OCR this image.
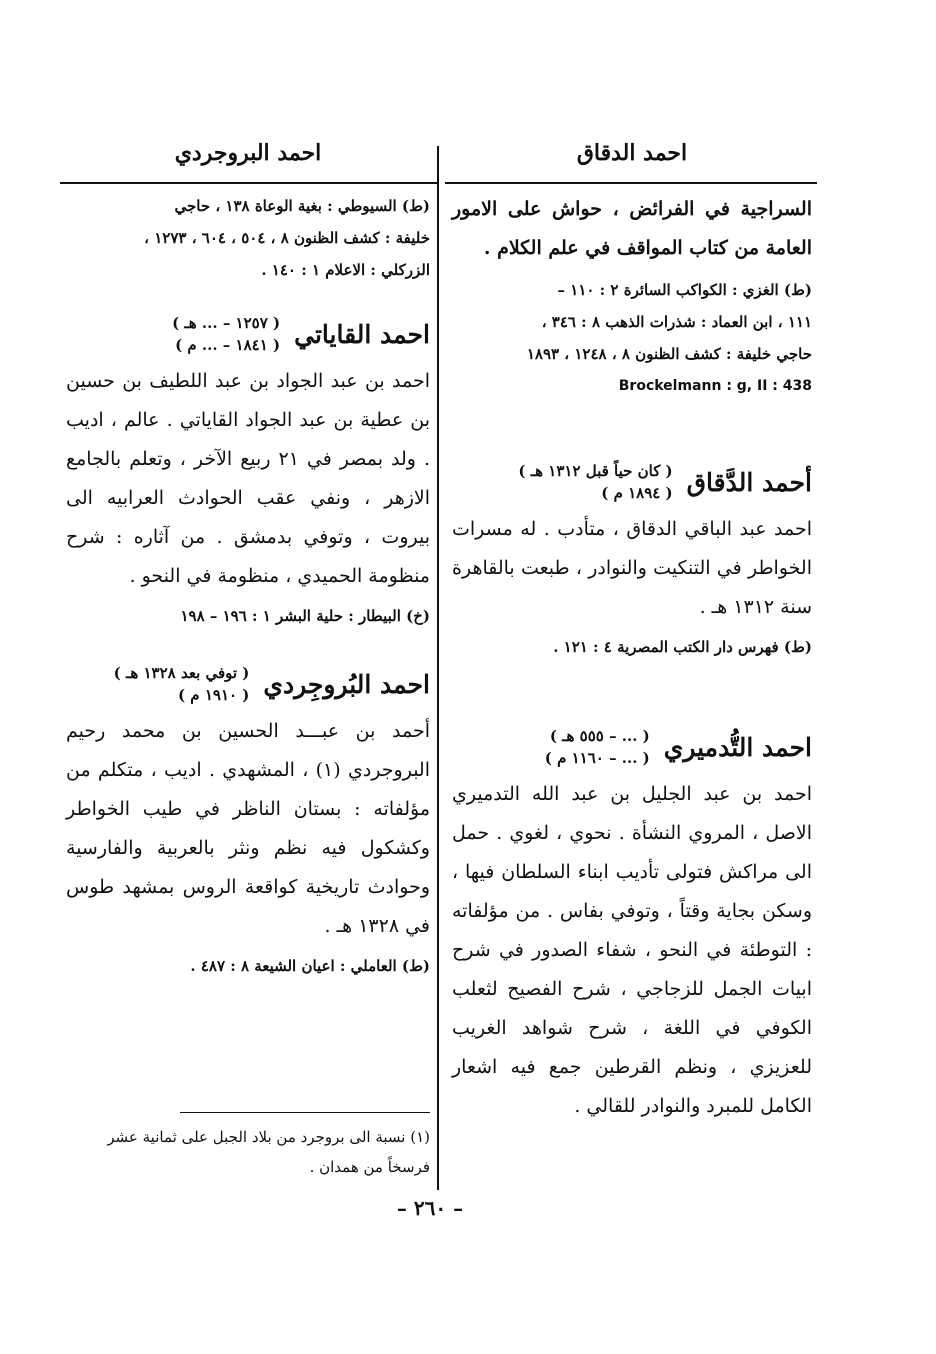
احمد الدقاق
احمد البروجردي

السراجية في الفرائض ، حواش على الامور العامة من كتاب المواقف في علم الكلام .

(ط) الغزي : الكواكب السائرة ٢ : ١١٠ –

١١١ ، ابن العماد : شذرات الذهب ٨ : ٣٤٦ ،

حاجي خليفة : كشف الظنون ٨ ، ١٢٤٨ ، ١٨٩٣

Brockelmann : g, II : 438

أحمد الدَّقاق
( كان حياً قبل ١٣١٢ هـ )
( ١٨٩٤ م )

احمد عبد الباقي الدقاق ، متأدب . له مسرات الخواطر في التنكيت والنوادر ، طبعت بالقاهرة سنة ١٣١٢ هـ .

(ط) فهرس دار الكتب المصرية ٤ : ١٢١ .

احمد التُّدميري
( ... – ٥٥٥ هـ )
( ... – ١١٦٠ م )

احمد بن عبد الجليل بن عبد الله التدميري الاصل ، المروي النشأة . نحوي ، لغوي . حمل الى مراكش فتولى تأديب ابناء السلطان فيها ، وسكن بجاية وقتاً ، وتوفي بفاس . من مؤلفاته : التوطئة في النحو ، شفاء الصدور في شرح ابيات الجمل للزجاجي ، شرح الفصيح لثعلب الكوفي في اللغة ، شرح شواهد الغريب للعزيزي ، ونظم القرطين جمع فيه اشعار الكامل للمبرد والنوادر للقالي .

(ط) السيوطي : بغية الوعاة ١٣٨ ، حاجي

خليفة : كشف الظنون ٨ ، ٥٠٤ ، ٦٠٤ ، ١٢٧٣ ،

الزركلي : الاعلام ١ : ١٤٠ .

احمد القاياتي
( ١٢٥٧ – ... هـ )
( ١٨٤١ – ... م )

احمد بن عبد الجواد بن عبد اللطيف بن حسين بن عطية بن عبد الجواد القاياتي . عالم ، اديب . ولد بمصر في ٢١ ربيع الآخر ، وتعلم بالجامع الازهر ، ونفي عقب الحوادث العرابيه الى بيروت ، وتوفي بدمشق . من آثاره : شرح منظومة الحميدي ، منظومة في النحو .

(خ) البيطار : حلية البشر ١ : ١٩٦ – ١٩٨

احمد البُروجِردي
( توفي بعد ١٣٢٨ هـ )
( ١٩١٠ م )

أحمد بن عبـــد الحسين بن محمد رحيم البروجردي (١) ، المشهدي . اديب ، متكلم من مؤلفاته : بستان الناظر في طيب الخواطر وكشكول فيه نظم ونثر بالعربية والفارسية وحوادث تاريخية كواقعة الروس بمشهد طوس في ١٣٢٨ هـ .

(ط) العاملي : اعيان الشيعة ٨ : ٤٨٧ .

(١) نسبة الى بروجرد من بلاد الجبل على ثمانية عشر فرسخاً من همدان .

– ٢٦٠ –
